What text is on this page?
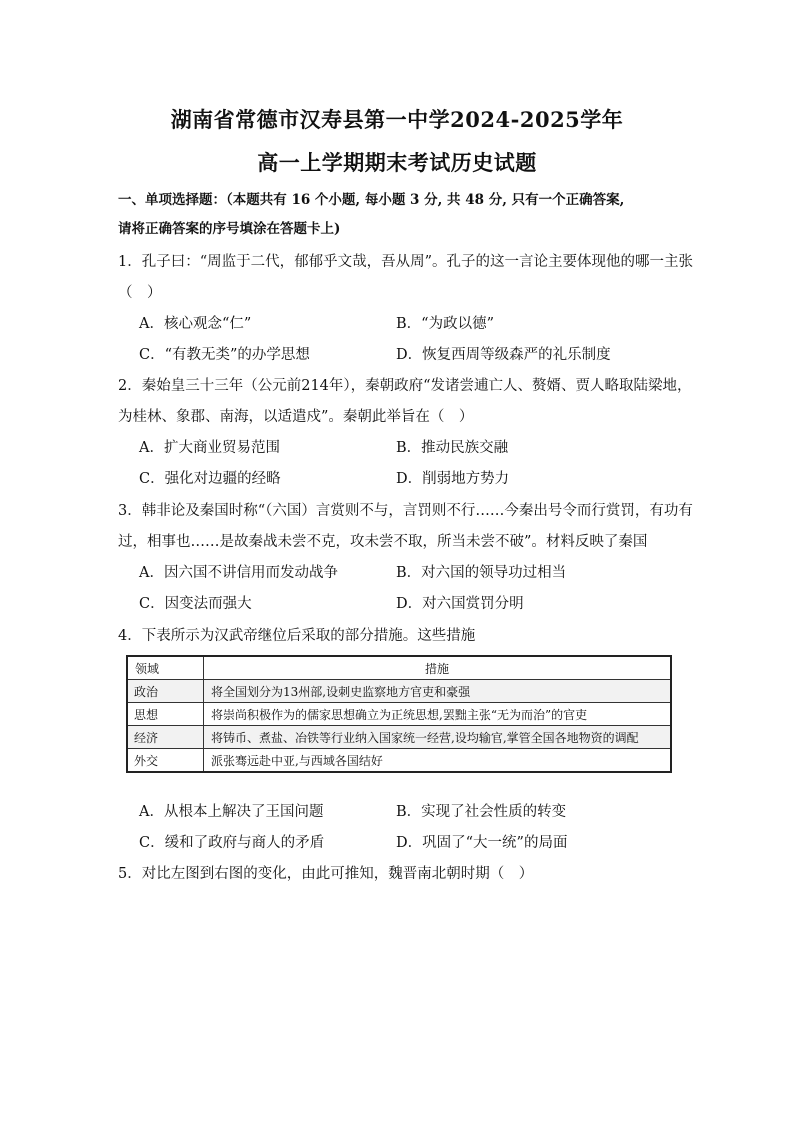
湖南省常德市汉寿县第一中学2024-2025学年
高一上学期期末考试历史试题
一、单项选择题：（本题共有 16 个小题, 每小题 3 分, 共 48 分, 只有一个正确答案,
请将正确答案的序号填涂在答题卡上)
1．孔子曰：“周监于二代，郁郁乎文哉，吾从周”。孔子的这一言论主要体现他的哪一主张
（　）
A．核心观念“仁”	B．“为政以德”
C．“有教无类”的办学思想	D．恢复西周等级森严的礼乐制度
2．秦始皇三十三年（公元前214年），秦朝政府“发诸尝逋亡人、赘婿、贾人略取陆梁地，
为桂林、象郡、南海，以适遣戍”。秦朝此举旨在（　）
A．扩大商业贸易范围	B．推动民族交融
C．强化对边疆的经略	D．削弱地方势力
3．韩非论及秦国时称“（六国）言赏则不与，言罚则不行……今秦出号令而行赏罚，有功有
过，相事也……是故秦战未尝不克，攻未尝不取，所当未尝不破”。材料反映了秦国
A．因六国不讲信用而发动战争	B．对六国的领导功过相当
C．因变法而强大	D．对六国赏罚分明
4．下表所示为汉武帝继位后采取的部分措施。这些措施
领域	措施
政治	将全国划分为13州部,设刺史监察地方官吏和豪强
思想	将崇尚积极作为的儒家思想确立为正统思想,罢黜主张“无为而治”的官吏
经济	将铸币、煮盐、冶铁等行业纳入国家统一经营,设均输官,掌管全国各地物资的调配
外交	派张骞远赴中亚,与西域各国结好
A．从根本上解决了王国问题	B．实现了社会性质的转变
C．缓和了政府与商人的矛盾	D．巩固了“大一统”的局面
5．对比左图到右图的变化，由此可推知，魏晋南北朝时期（　）
